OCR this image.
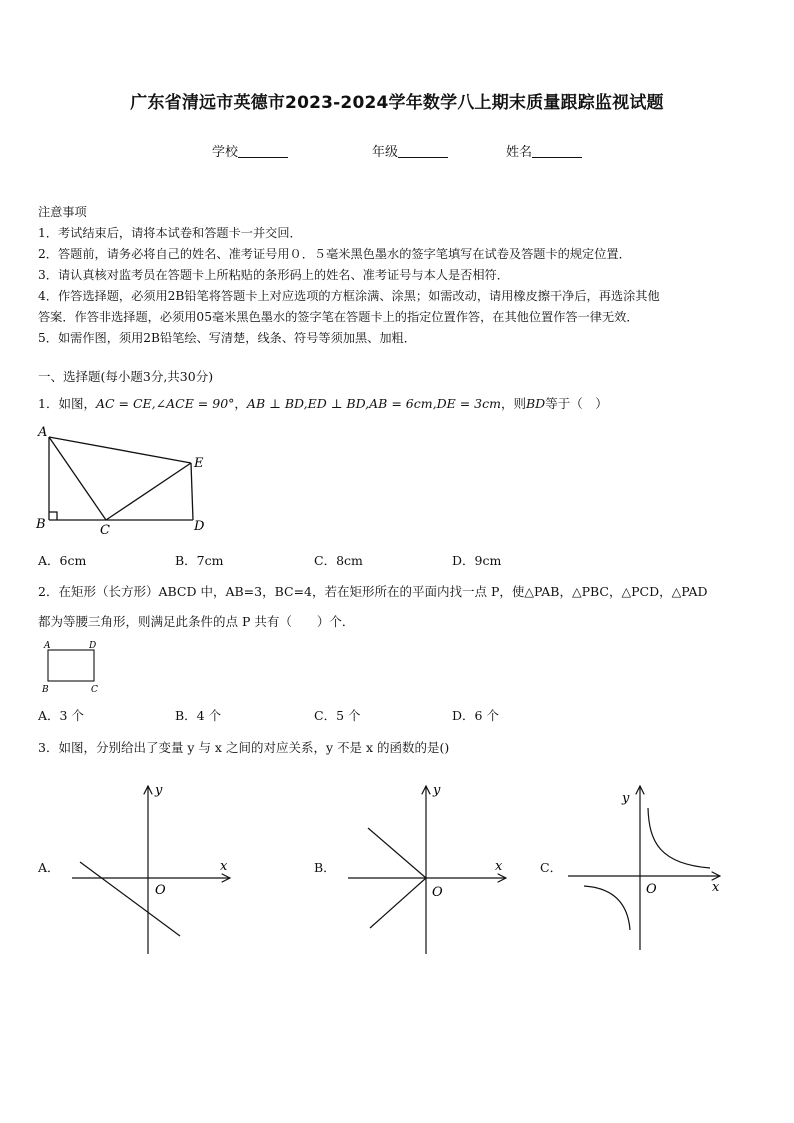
广东省清远市英德市2023-2024学年数学八上期末质量跟踪监视试题
学校	年级	姓名
注意事项
1．考试结束后，请将本试卷和答题卡一并交回．
2．答题前，请务必将自己的姓名、准考证号用０．５毫米黑色墨水的签字笔填写在试卷及答题卡的规定位置．
3．请认真核对监考员在答题卡上所粘贴的条形码上的姓名、准考证号与本人是否相符．
4．作答选择题，必须用2B铅笔将答题卡上对应选项的方框涂满、涂黑；如需改动，请用橡皮擦干净后，再选涂其他
答案．作答非选择题，必须用05毫米黑色墨水的签字笔在答题卡上的指定位置作答，在其他位置作答一律无效．
5．如需作图，须用2B铅笔绘、写清楚，线条、符号等须加黑、加粗．
一、选择题(每小题3分,共30分)
1．如图，AC = CE,∠ACE = 90°，AB ⊥ BD,ED ⊥ BD,AB = 6cm,DE = 3cm，则BD等于（　）
A
B	C	D
E
A．6cm	B．7cm	C．8cm	D．9cm
2．在矩形（长方形）ABCD 中，AB=3，BC=4，若在矩形所在的平面内找一点 P，使△PAB，△PBC，△PCD，△PAD
都为等腰三角形，则满足此条件的点 P 共有（　　）个．
A	D
B	C
A．3 个	B．4 个	C．5 个	D．6 个
3．如图，分别给出了变量 y 与 x 之间的对应关系，y 不是 x 的函数的是()
A．	x
y
O
B．	x
y
O
C．
x
y
O
